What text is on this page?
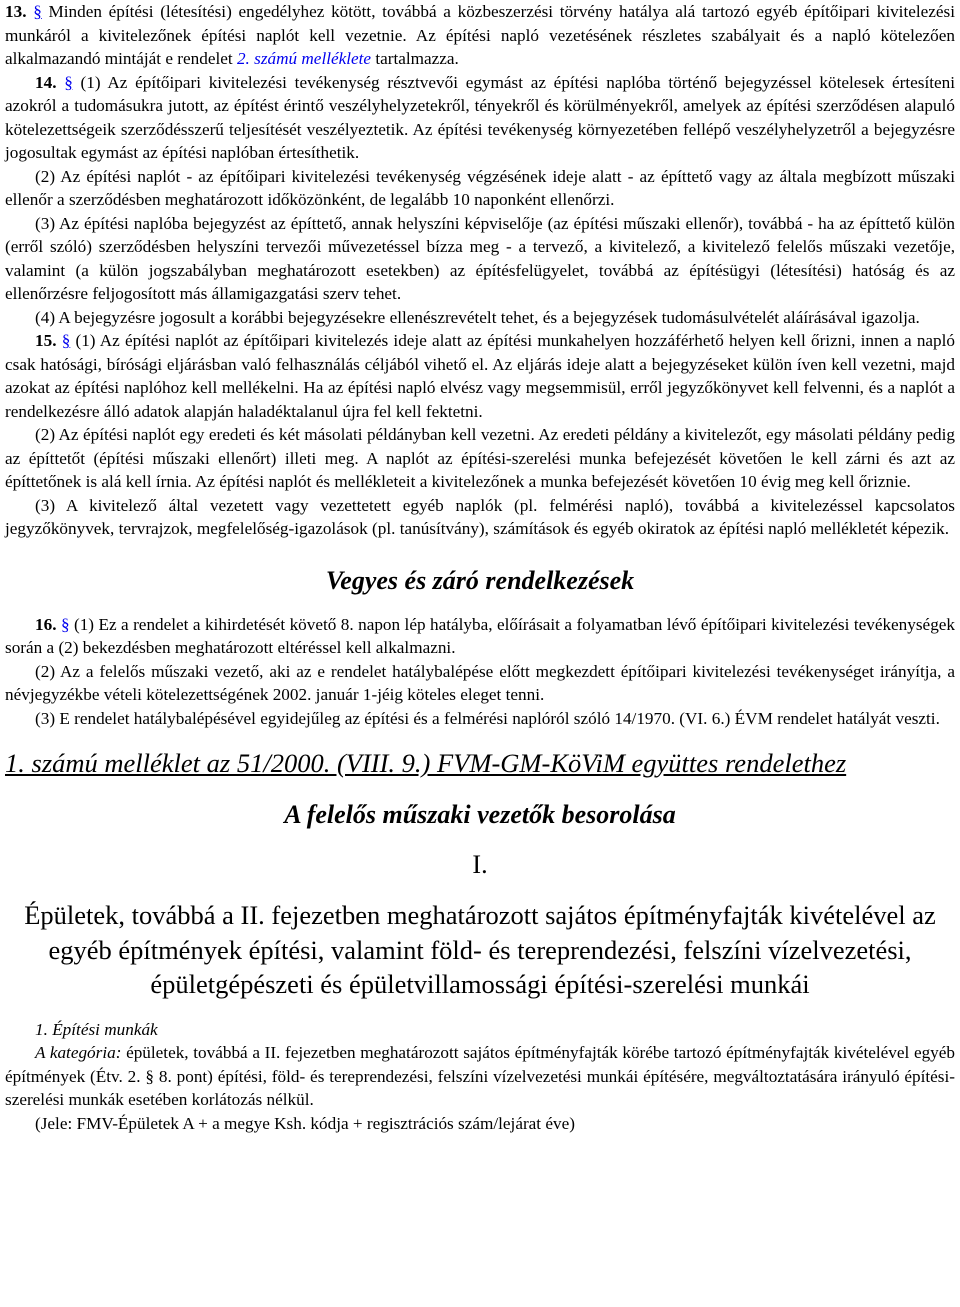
13. § Minden építési (létesítési) engedélyhez kötött, továbbá a közbeszerzési törvény hatálya alá tartozó egyéb építőipari kivitelezési munkáról a kivitelezőnek építési naplót kell vezetnie. Az építési napló vezetésének részletes szabályait és a napló kötelezően alkalmazandó mintáját e rendelet 2. számú melléklete tartalmazza.

14. § (1) Az építőipari kivitelezési tevékenység résztvevői egymást az építési naplóba történő bejegyzéssel kötelesek értesíteni azokról a tudomásukra jutott, az építést érintő veszélyhelyzetekről, tényekről és körülményekről, amelyek az építési szerződésen alapuló kötelezettségeik szerződésszerű teljesítését veszélyeztetik. Az építési tevékenység környezetében fellépő veszélyhelyzetről a bejegyzésre jogosultak egymást az építési naplóban értesíthetik.

(2) Az építési naplót - az építőipari kivitelezési tevékenység végzésének ideje alatt - az építtető vagy az általa megbízott műszaki ellenőr a szerződésben meghatározott időközönként, de legalább 10 naponként ellenőrzi.

(3) Az építési naplóba bejegyzést az építtető, annak helyszíni képviselője (az építési műszaki ellenőr), továbbá - ha az építtető külön (erről szóló) szerződésben helyszíni tervezői művezetéssel bízza meg - a tervező, a kivitelező, a kivitelező felelős műszaki vezetője, valamint (a külön jogszabályban meghatározott esetekben) az építésfelügyelet, továbbá az építésügyi (létesítési) hatóság és az ellenőrzésre feljogosított más államigazgatási szerv tehet.

(4) A bejegyzésre jogosult a korábbi bejegyzésekre ellenészrevételt tehet, és a bejegyzések tudomásulvételét aláírásával igazolja.

15. § (1) Az építési naplót az építőipari kivitelezés ideje alatt az építési munkahelyen hozzáférhető helyen kell őrizni, innen a napló csak hatósági, bírósági eljárásban való felhasználás céljából vihető el. Az eljárás ideje alatt a bejegyzéseket külön íven kell vezetni, majd azokat az építési naplóhoz kell mellékelni. Ha az építési napló elvész vagy megsemmisül, erről jegyzőkönyvet kell felvenni, és a naplót a rendelkezésre álló adatok alapján haladéktalanul újra fel kell fektetni.

(2) Az építési naplót egy eredeti és két másolati példányban kell vezetni. Az eredeti példány a kivitelezőt, egy másolati példány pedig az építtetőt (építési műszaki ellenőrt) illeti meg. A naplót az építési-szerelési munka befejezését követően le kell zárni és azt az építtetőnek is alá kell írnia. Az építési naplót és mellékleteit a kivitelezőnek a munka befejezését követően 10 évig meg kell őriznie.

(3) A kivitelező által vezetett vagy vezettetett egyéb naplók (pl. felmérési napló), továbbá a kivitelezéssel kapcsolatos jegyzőkönyvek, tervrajzok, megfelelőség-igazolások (pl. tanúsítvány), számítások és egyéb okiratok az építési napló mellékletét képezik.

Vegyes és záró rendelkezések

16. § (1) Ez a rendelet a kihirdetését követő 8. napon lép hatályba, előírásait a folyamatban lévő építőipari kivitelezési tevékenységek során a (2) bekezdésben meghatározott eltéréssel kell alkalmazni.

(2) Az a felelős műszaki vezető, aki az e rendelet hatálybalépése előtt megkezdett építőipari kivitelezési tevékenységet irányítja, a névjegyzékbe vételi kötelezettségének 2002. január 1-jéig köteles eleget tenni.

(3) E rendelet hatálybalépésével egyidejűleg az építési és a felmérési naplóról szóló 14/1970. (VI. 6.) ÉVM rendelet hatályát veszti.

1. számú melléklet az 51/2000. (VIII. 9.) FVM-GM-KöViM együttes rendelethez
A felelős műszaki vezetők besorolása
I.
Épületek, továbbá a II. fejezetben meghatározott sajátos építményfajták kivételével az egyéb építmények építési, valamint föld- és tereprendezési, felszíni vízelvezetési, épületgépészeti és épületvillamossági építési-szerelési munkái

1. Építési munkák

A kategória: épületek, továbbá a II. fejezetben meghatározott sajátos építményfajták körébe tartozó építményfajták kivételével egyéb építmények (Étv. 2. § 8. pont) építési, föld- és tereprendezési, felszíni vízelvezetési munkái építésére, megváltoztatására irányuló építési-szerelési munkák esetében korlátozás nélkül.

(Jele: FMV-Épületek A + a megye Ksh. kódja + regisztrációs szám/lejárat éve)
